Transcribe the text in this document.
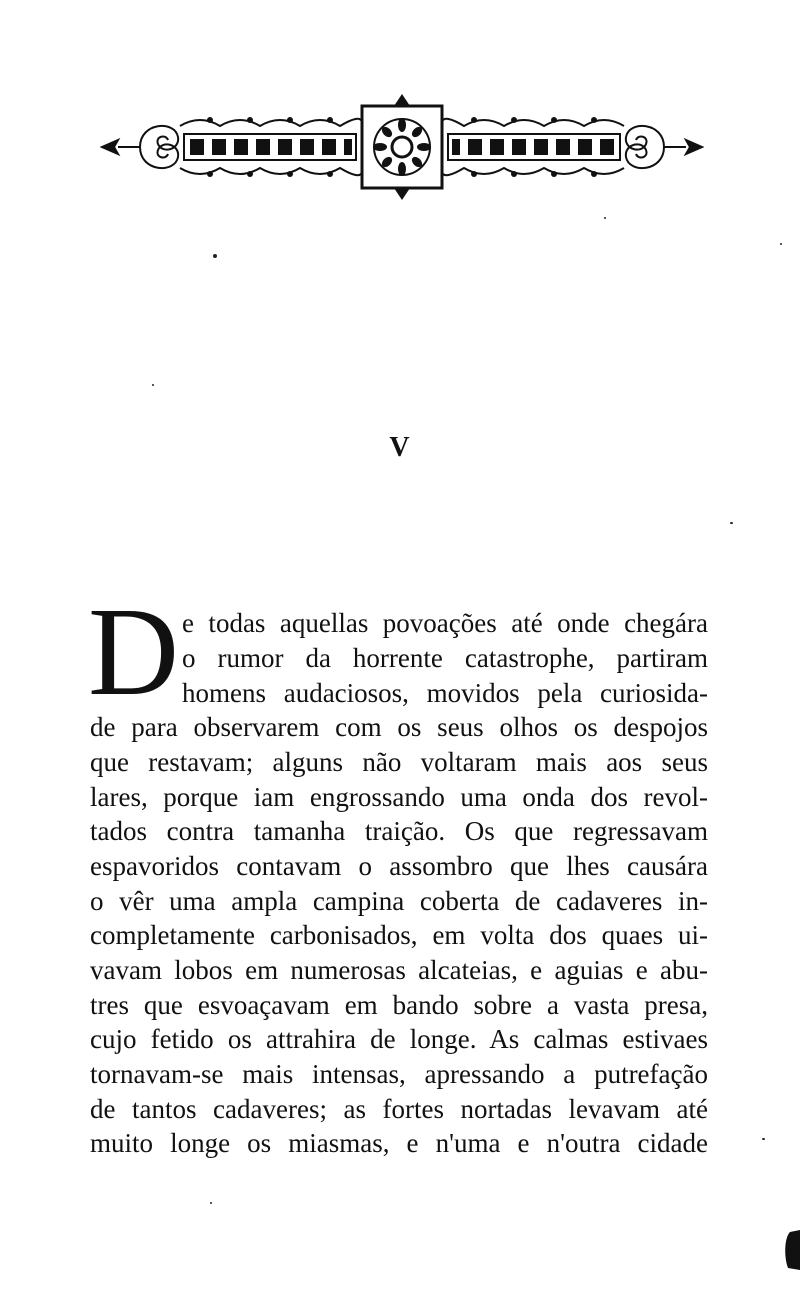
V
D e todas aquellas povoações até onde chegára
o rumor da horrente catastrophe, partiram
homens audaciosos, movidos pela curiosida-
de para observarem com os seus olhos os despojos
que restavam; alguns não voltaram mais aos seus
lares, porque iam engrossando uma onda dos revol-
tados contra tamanha traição. Os que regressavam
espavoridos contavam o assombro que lhes causára
o vêr uma ampla campina coberta de cadaveres in-
completamente carbonisados, em volta dos quaes ui-
vavam lobos em numerosas alcateias, e aguias e abu-
tres que esvoaçavam em bando sobre a vasta presa,
cujo fetido os attrahira de longe. As calmas estivaes
tornavam-se mais intensas, apressando a putrefação
de tantos cadaveres; as fortes nortadas levavam até
muito longe os miasmas, e n'uma e n'outra cidade
